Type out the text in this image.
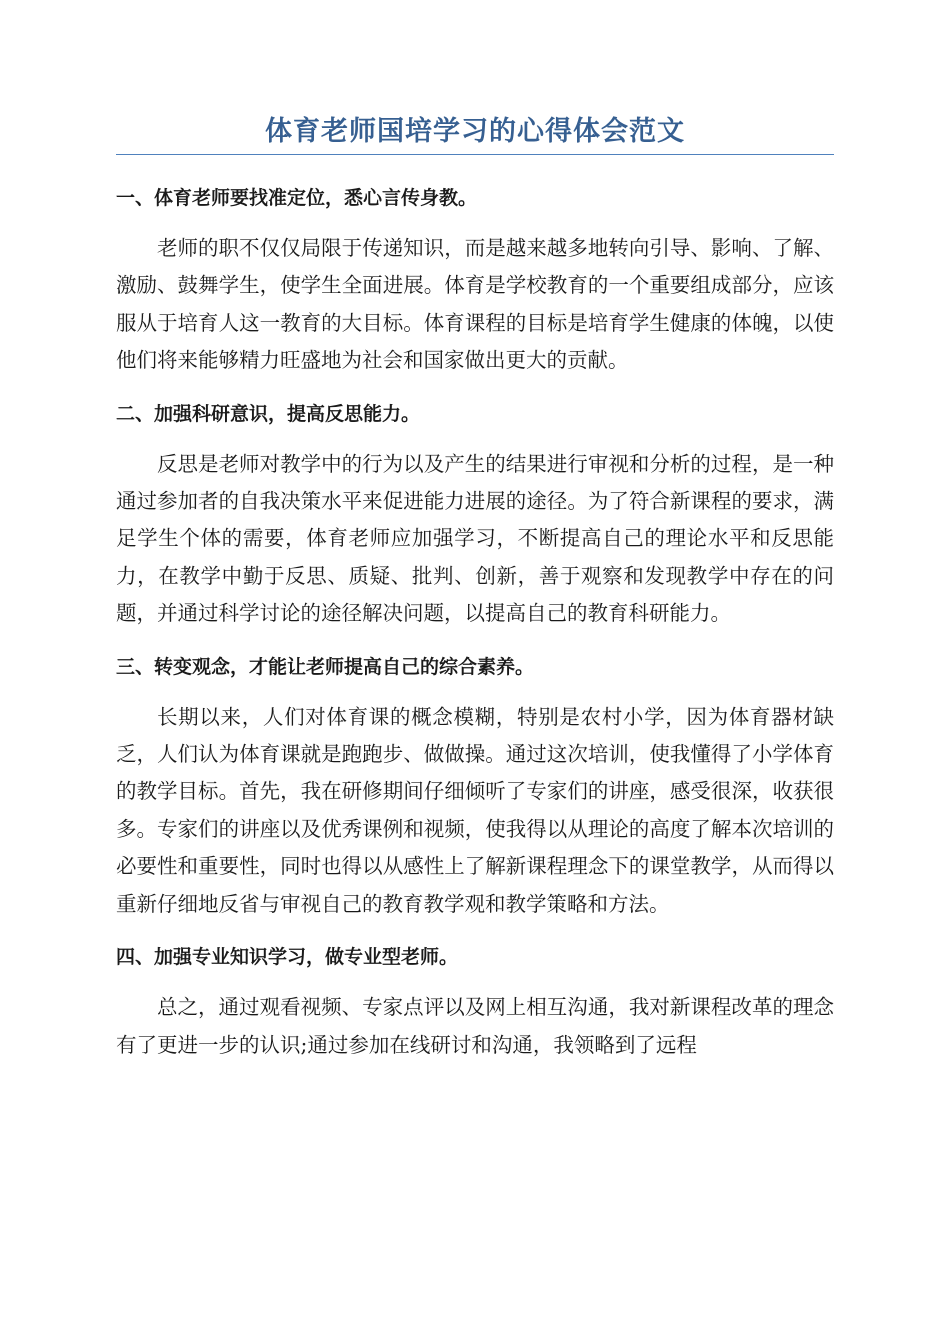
体育老师国培学习的心得体会范文
一、体育老师要找准定位，悉心言传身教。

老师的职不仅仅局限于传递知识，而是越来越多地转向引导、影响、了解、激励、鼓舞学生，使学生全面进展。体育是学校教育的一个重要组成部分，应该服从于培育人这一教育的大目标。体育课程的目标是培育学生健康的体魄，以使他们将来能够精力旺盛地为社会和国家做出更大的贡献。

二、加强科研意识，提高反思能力。

反思是老师对教学中的行为以及产生的结果进行审视和分析的过程，是一种通过参加者的自我决策水平来促进能力进展的途径。为了符合新课程的要求，满足学生个体的需要，体育老师应加强学习，不断提高自己的理论水平和反思能力，在教学中勤于反思、质疑、批判、创新，善于观察和发现教学中存在的问题，并通过科学讨论的途径解决问题，以提高自己的教育科研能力。

三、转变观念，才能让老师提高自己的综合素养。

长期以来，人们对体育课的概念模糊，特别是农村小学，因为体育器材缺乏，人们认为体育课就是跑跑步、做做操。通过这次培训，使我懂得了小学体育的教学目标。首先，我在研修期间仔细倾听了专家们的讲座，感受很深，收获很多。专家们的讲座以及优秀课例和视频，使我得以从理论的高度了解本次培训的必要性和重要性，同时也得以从感性上了解新课程理念下的课堂教学，从而得以重新仔细地反省与审视自己的教育教学观和教学策略和方法。

四、加强专业知识学习，做专业型老师。

总之，通过观看视频、专家点评以及网上相互沟通，我对新课程改革的理念有了更进一步的认识;通过参加在线研讨和沟通，我领略到了远程
